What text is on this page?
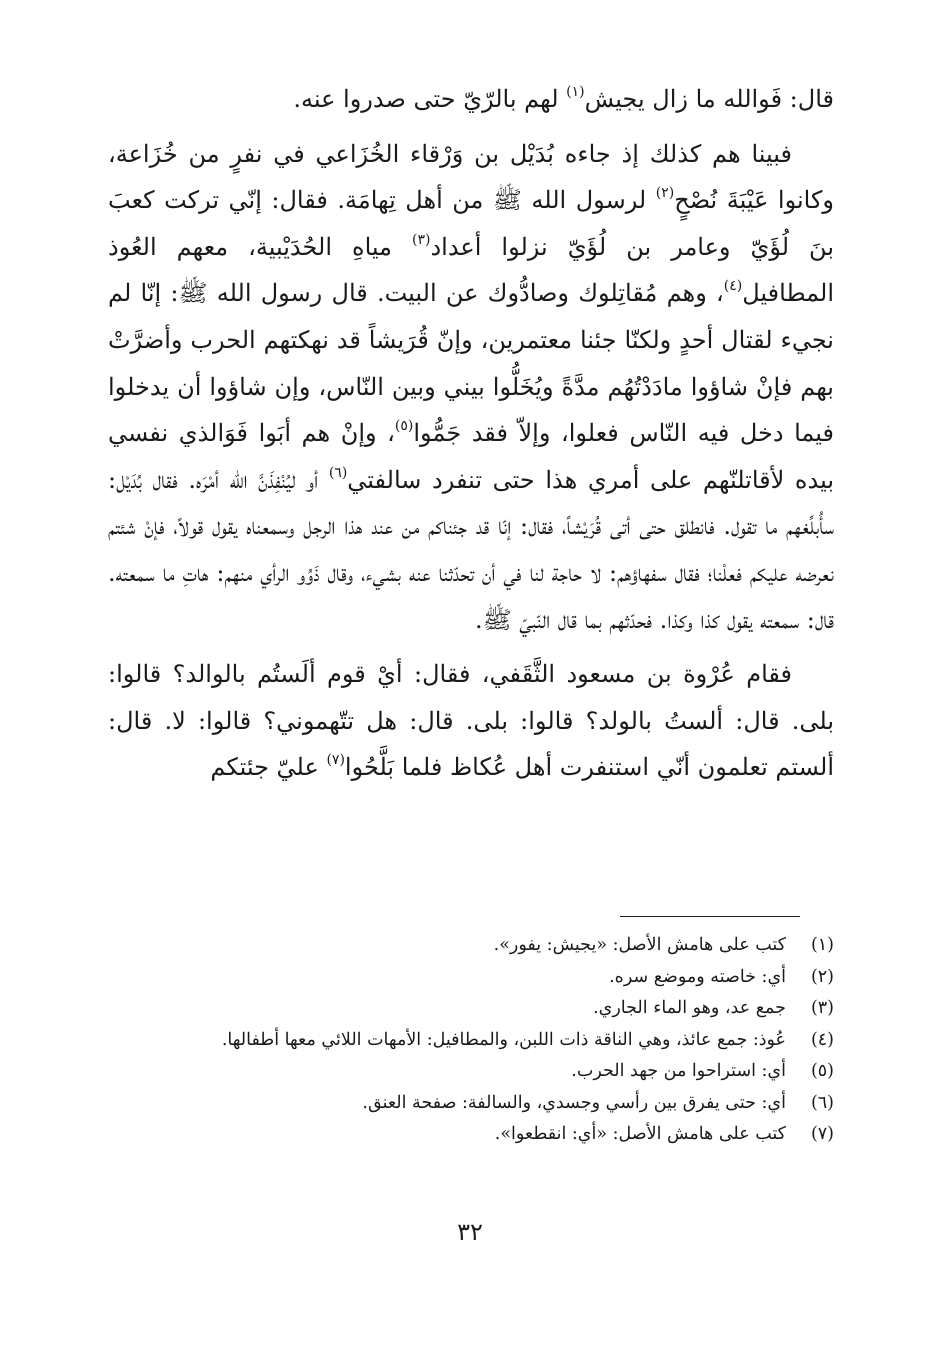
قال: فَوالله ما زال يجيش$^{(١)}$ لهم بالرّيّ حتى صدروا عنه.

فبينا هم كذلك إذ جاءه بُدَيْل بن وَرْقاء الخُزَاعي في نفرٍ من خُزَاعة، وكانوا عَيْبَةَ نُصْحٍ$^{(٢)}$ لرسول الله ﷺ من أهل تِهامَة. فقال: إنّي تركت كعبَ بنَ لُؤَيّ وعامر بن لُؤَيّ نزلوا أعداد$^{(٣)}$ مياهِ الحُدَيْبية، معهم العُوذ المطافيل$^{(٤)}$، وهم مُقاتِلوك وصادُّوك عن البيت. قال رسول الله ﷺ: إنّا لم نجيء لقتال أحدٍ ولكنّا جئنا معتمرين، وإنّ قُرَيشاً قد نهكتهم الحرب وأضرَّتْ بهم فإنْ شاؤوا مادَدْتُهُم مدَّةً ويُخَلُّوا بيني وبين النّاس، وإن شاؤوا أن يدخلوا فيما دخل فيه النّاس فعلوا، وإلاّ فقد جَمُّوا$^{(٥)}$، وإنْ هم أبَوا فَوَالذي نفسي بيده لأقاتلنّهم على أمري هذا حتى تنفرد سالفتي$^{(٦)}$ أو ليُنْفِذَنَّ الله أمْرَه. فقال بُدَيْل: سأُبلِّغهم ما تقول. فانطلق حتى أتى قُرَيْشاً، فقال: إنّا قد جئناكم من عند هذا الرجل وسمعناه يقول قولاً، فإنْ شئتم نعرضه عليكم فعلْنا؛ فقال سفهاؤهم: لا حاجة لنا في أن تحدّثنا عنه بشيء، وقال ذَوُو الرأي منهم: هاتِ ما سمعته. قال: سمعته يقول كذا وكذا. فحدّثهم بما قال النّبيّ ﷺ.

فقام عُرْوة بن مسعود الثَّقَفي، فقال: أيْ قوم ألَستُم بالوالد؟ قالوا: بلى. قال: ألستُ بالولد؟ قالوا: بلى. قال: هل تتّهموني؟ قالوا: لا. قال: ألستم تعلمون أنّي استنفرت أهل عُكاظ فلما بَلَّحُوا$^{(٧)}$ عليّ جئتكم

(١)
كتب على هامش الأصل: «يجيش: يفور».
(٢)
أي: خاصته وموضع سره.
(٣)
جمع عد، وهو الماء الجاري.
(٤)
عُوذ: جمع عائذ، وهي الناقة ذات اللبن، والمطافيل: الأمهات اللائي معها أطفالها.
(٥)
أي: استراحوا من جهد الحرب.
(٦)
أي: حتى يفرق بين رأسي وجسدي، والسالفة: صفحة العنق.
(٧)
كتب على هامش الأصل: «أي: انقطعوا».
٣٢
